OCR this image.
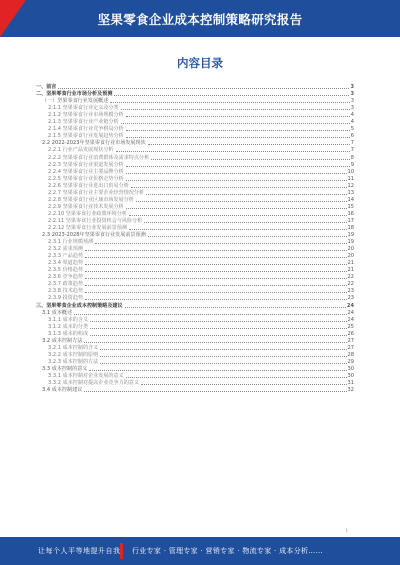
坚果零食企业成本控制策略研究报告
内容目录
一、前言	3
二、坚果零食行业市场分析及预测	3
（一）坚果零食行业发展概述	3
2.1.1 坚果零食行业定义及分类	3
2.1.2 坚果零食行业市场规模分析	4
2.1.3 坚果零食行业产业链分析	4
2.1.4 坚果零食行业竞争格局分析	5
2.1.5 坚果零食行业发展趋势分析	6
2.2 2022-2023年坚果零食行业市场发展现状	7
2.2.1 行业产品发展现状分析	7
2.2.2 坚果零食行业消费群体及需求特点分析	8
2.2.3 坚果零食行业渠道发展分析	9
2.2.4 坚果零食行业主要品牌分析	10
2.2.5 坚果零食行业价格走势分析	11
2.2.6 坚果零食行业进出口贸易分析	12
2.2.7 坚果零食行业主要企业经营情况分析	13
2.2.8 坚果零食行业区域市场发展分析	14
2.2.9 坚果零食行业技术发展分析	15
2.2.10 坚果零食行业政策环境分析	16
2.2.11 坚果零食行业投资机会与风险分析	17
2.2.12 坚果零食行业发展前景预测	18
2.3 2023-2028年坚果零食行业发展前景预测	19
2.3.1 行业规模预测	19
2.3.2 需求预测	20
2.3.3 产品趋势	20
2.3.4 渠道趋势	21
2.3.5 价格趋势	21
2.3.6 竞争趋势	22
2.3.7 政策趋势	22
2.3.8 技术趋势	23
2.3.9 投资趋势	23
三、坚果零食企业成本控制策略及建议	24
3.1 成本概述	24
3.1.1 成本的含义	24
3.1.2 成本的分类	25
3.1.3 成本的构成	26
3.2 成本控制方法	27
3.2.1 成本控制的含义	27
3.2.2 成本控制的原则	28
3.2.3 成本控制的方法	29
3.3 成本控制的意义	30
3.3.1 成本控制对企业发展的意义	30
3.3.2 成本控制对提高企业竞争力的意义	31
3.4 成本控制建议	32
1
让每个人平等地提升自我 行业专家 · 管理专家 · 营销专家 · 物流专家 · 成本分析……
